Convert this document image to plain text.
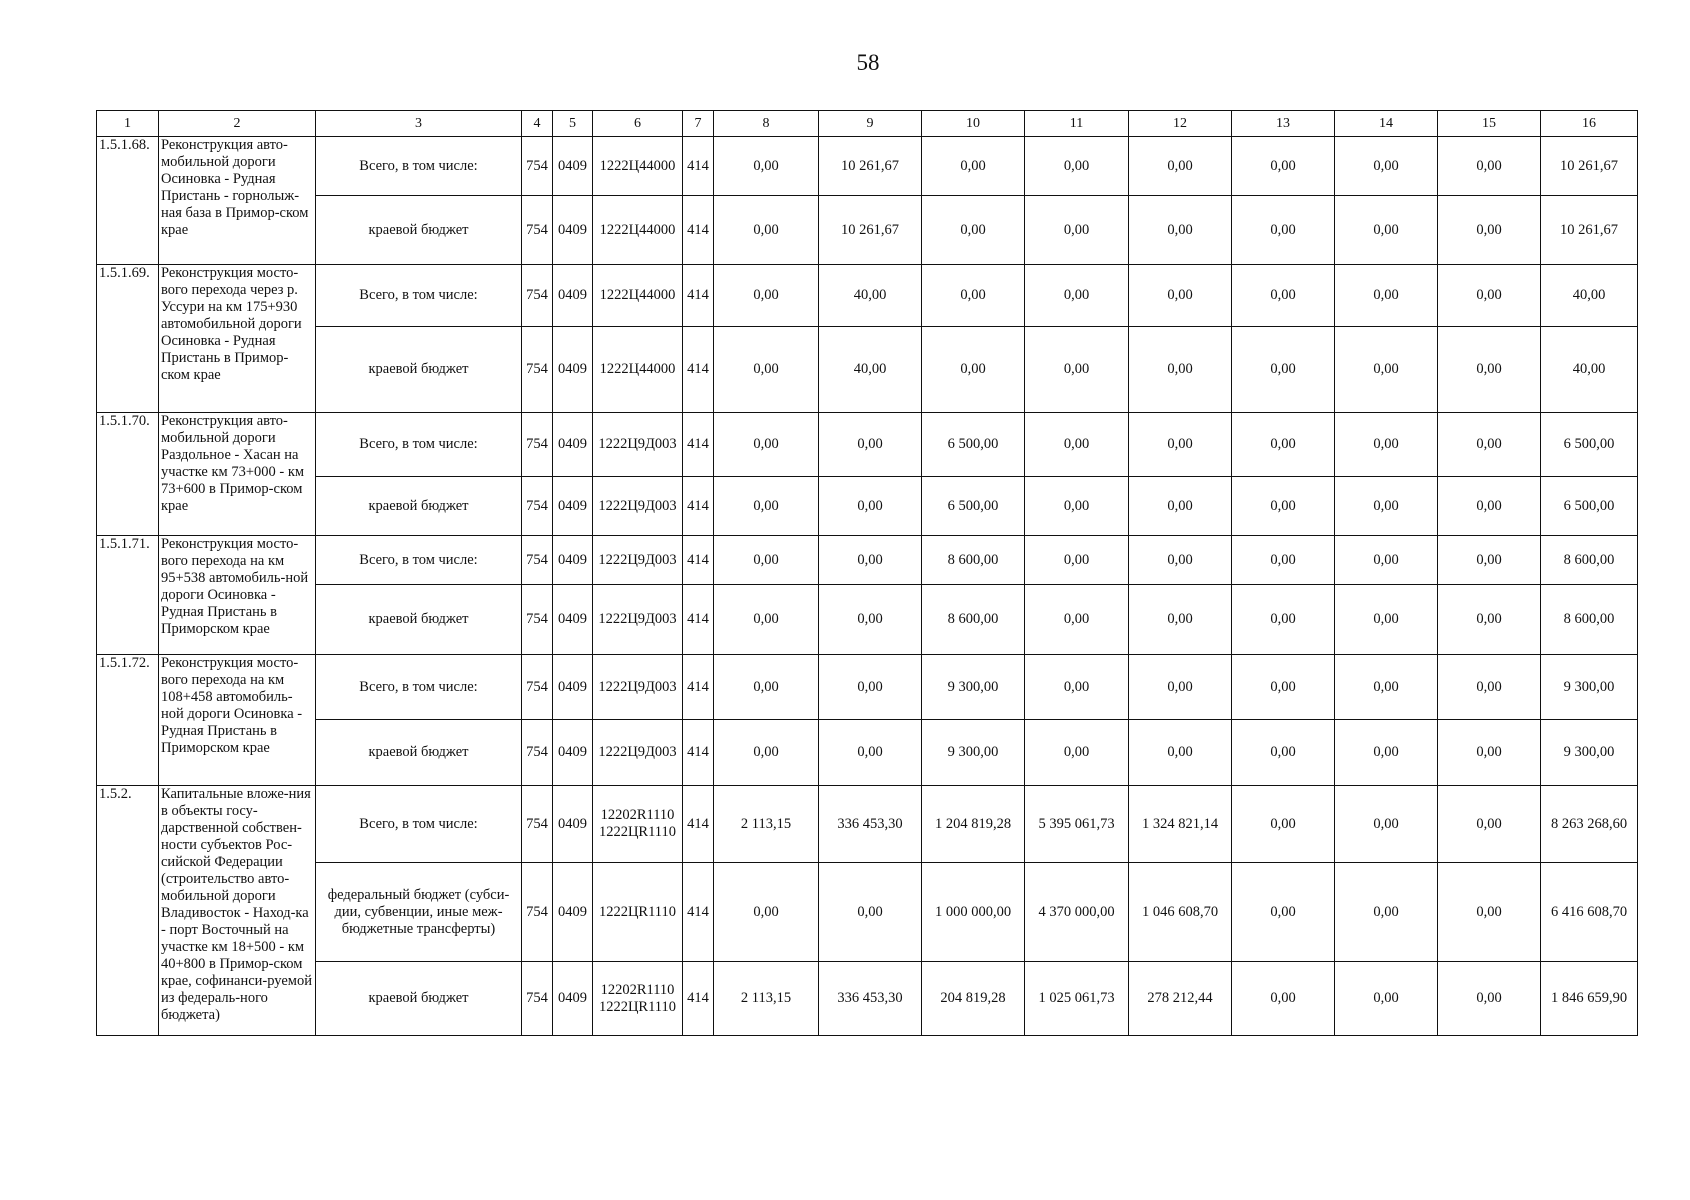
58
1	2	3	4	5	6	7	8	9	10	11	12	13	14	15	16
1.5.1.68.	Реконструкция авто-мобильной дороги Осиновка - Рудная Пристань - горнолыж-ная база в Примор-ском крае	Всего, в том числе:	754	0409	1222Ц44000	414	0,00	10 261,67	0,00	0,00	0,00	0,00	0,00	0,00	10 261,67
		краевой бюджет	754	0409	1222Ц44000	414	0,00	10 261,67	0,00	0,00	0,00	0,00	0,00	0,00	10 261,67
1.5.1.69.	Реконструкция мосто-вого перехода через р. Уссури на км 175+930 автомобильной дороги Осиновка - Рудная Пристань в Примор-ском крае	Всего, в том числе:	754	0409	1222Ц44000	414	0,00	40,00	0,00	0,00	0,00	0,00	0,00	0,00	40,00
		краевой бюджет	754	0409	1222Ц44000	414	0,00	40,00	0,00	0,00	0,00	0,00	0,00	0,00	40,00
1.5.1.70.	Реконструкция авто-мобильной дороги Раздольное - Хасан на участке км 73+000 - км 73+600 в Примор-ском крае	Всего, в том числе:	754	0409	1222Ц9Д003	414	0,00	0,00	6 500,00	0,00	0,00	0,00	0,00	0,00	6 500,00
		краевой бюджет	754	0409	1222Ц9Д003	414	0,00	0,00	6 500,00	0,00	0,00	0,00	0,00	0,00	6 500,00
1.5.1.71.	Реконструкция мосто-вого перехода на км 95+538 автомобиль-ной дороги Осиновка - Рудная Пристань в Приморском крае	Всего, в том числе:	754	0409	1222Ц9Д003	414	0,00	0,00	8 600,00	0,00	0,00	0,00	0,00	0,00	8 600,00
		краевой бюджет	754	0409	1222Ц9Д003	414	0,00	0,00	8 600,00	0,00	0,00	0,00	0,00	0,00	8 600,00
1.5.1.72.	Реконструкция мосто-вого перехода на км 108+458 автомобиль-ной дороги Осиновка - Рудная Пристань в Приморском крае	Всего, в том числе:	754	0409	1222Ц9Д003	414	0,00	0,00	9 300,00	0,00	0,00	0,00	0,00	0,00	9 300,00
		краевой бюджет	754	0409	1222Ц9Д003	414	0,00	0,00	9 300,00	0,00	0,00	0,00	0,00	0,00	9 300,00
1.5.2.	Капитальные вложе-ния в объекты госу-дарственной собствен-ности субъектов Рос-сийской Федерации (строительство авто-мобильной дороги Владивосток - Наход-ка - порт Восточный на участке км 18+500 - км 40+800 в Примор-ском крае, софинанси-руемой из федераль-ного бюджета)	Всего, в том числе:	754	0409	12202R1110 1222ЦR1110	414	2 113,15	336 453,30	1 204 819,28	5 395 061,73	1 324 821,14	0,00	0,00	0,00	8 263 268,60
		федеральный бюджет (субси-дии, субвенции, иные меж-бюджетные трансферты)	754	0409	1222ЦR1110	414	0,00	0,00	1 000 000,00	4 370 000,00	1 046 608,70	0,00	0,00	0,00	6 416 608,70
		краевой бюджет	754	0409	12202R1110 1222ЦR1110	414	2 113,15	336 453,30	204 819,28	1 025 061,73	278 212,44	0,00	0,00	0,00	1 846 659,90
